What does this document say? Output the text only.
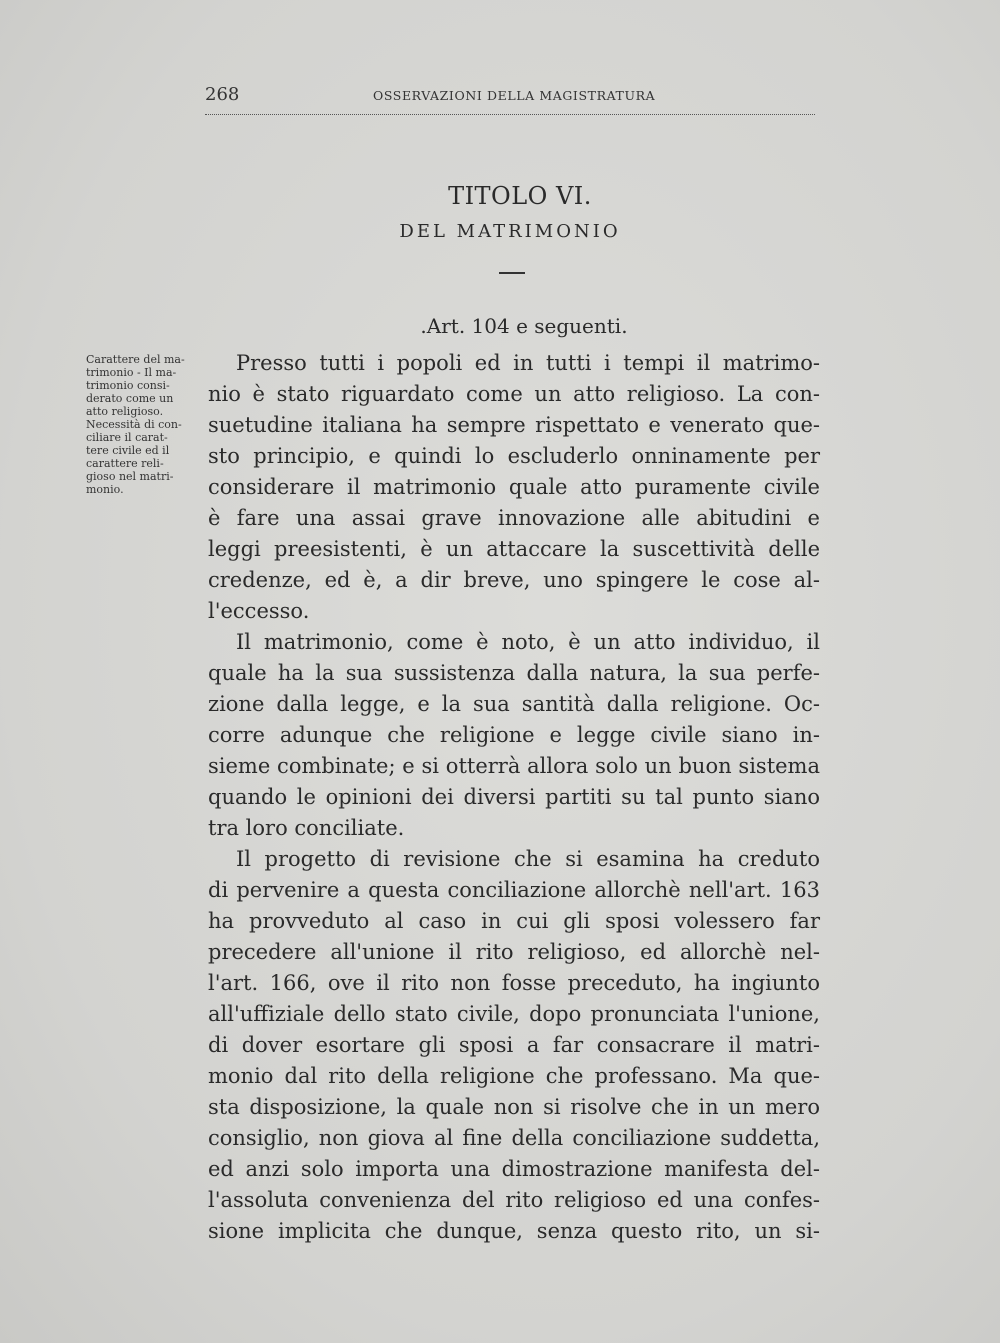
268	OSSERVAZIONI DELLA MAGISTRATURA
TITOLO VI.
DEL MATRIMONIO
.Art. 104 e seguenti.
Carattere del ma-
trimonio - Il ma-
trimonio consi-
derato come un
atto religioso.
Necessità di con-
ciliare il carat-
tere civile ed il
carattere reli-
gioso nel matri-
monio.
Presso tutti i popoli ed in tutti i tempi il matrimo-
nio è stato riguardato come un atto religioso. La con-
suetudine italiana ha sempre rispettato e venerato que-
sto principio, e quindi lo escluderlo onninamente per
considerare il matrimonio quale atto puramente civile
è fare una assai grave innovazione alle abitudini e
leggi preesistenti, è un attaccare la suscettività delle
credenze, ed è, a dir breve, uno spingere le cose al-
l'eccesso.
Il matrimonio, come è noto, è un atto individuo, il
quale ha la sua sussistenza dalla natura, la sua perfe-
zione dalla legge, e la sua santità dalla religione. Oc-
corre adunque che religione e legge civile siano in-
sieme combinate; e si otterrà allora solo un buon sistema
quando le opinioni dei diversi partiti su tal punto siano
tra loro conciliate.
Il progetto di revisione che si esamina ha creduto
di pervenire a questa conciliazione allorchè nell'art. 163
ha provveduto al caso in cui gli sposi volessero far
precedere all'unione il rito religioso, ed allorchè nel-
l'art. 166, ove il rito non fosse preceduto, ha ingiunto
all'uffiziale dello stato civile, dopo pronunciata l'unione,
di dover esortare gli sposi a far consacrare il matri-
monio dal rito della religione che professano. Ma que-
sta disposizione, la quale non si risolve che in un mero
consiglio, non giova al fine della conciliazione suddetta,
ed anzi solo importa una dimostrazione manifesta del-
l'assoluta convenienza del rito religioso ed una confes-
sione implicita che dunque, senza questo rito, un si-
